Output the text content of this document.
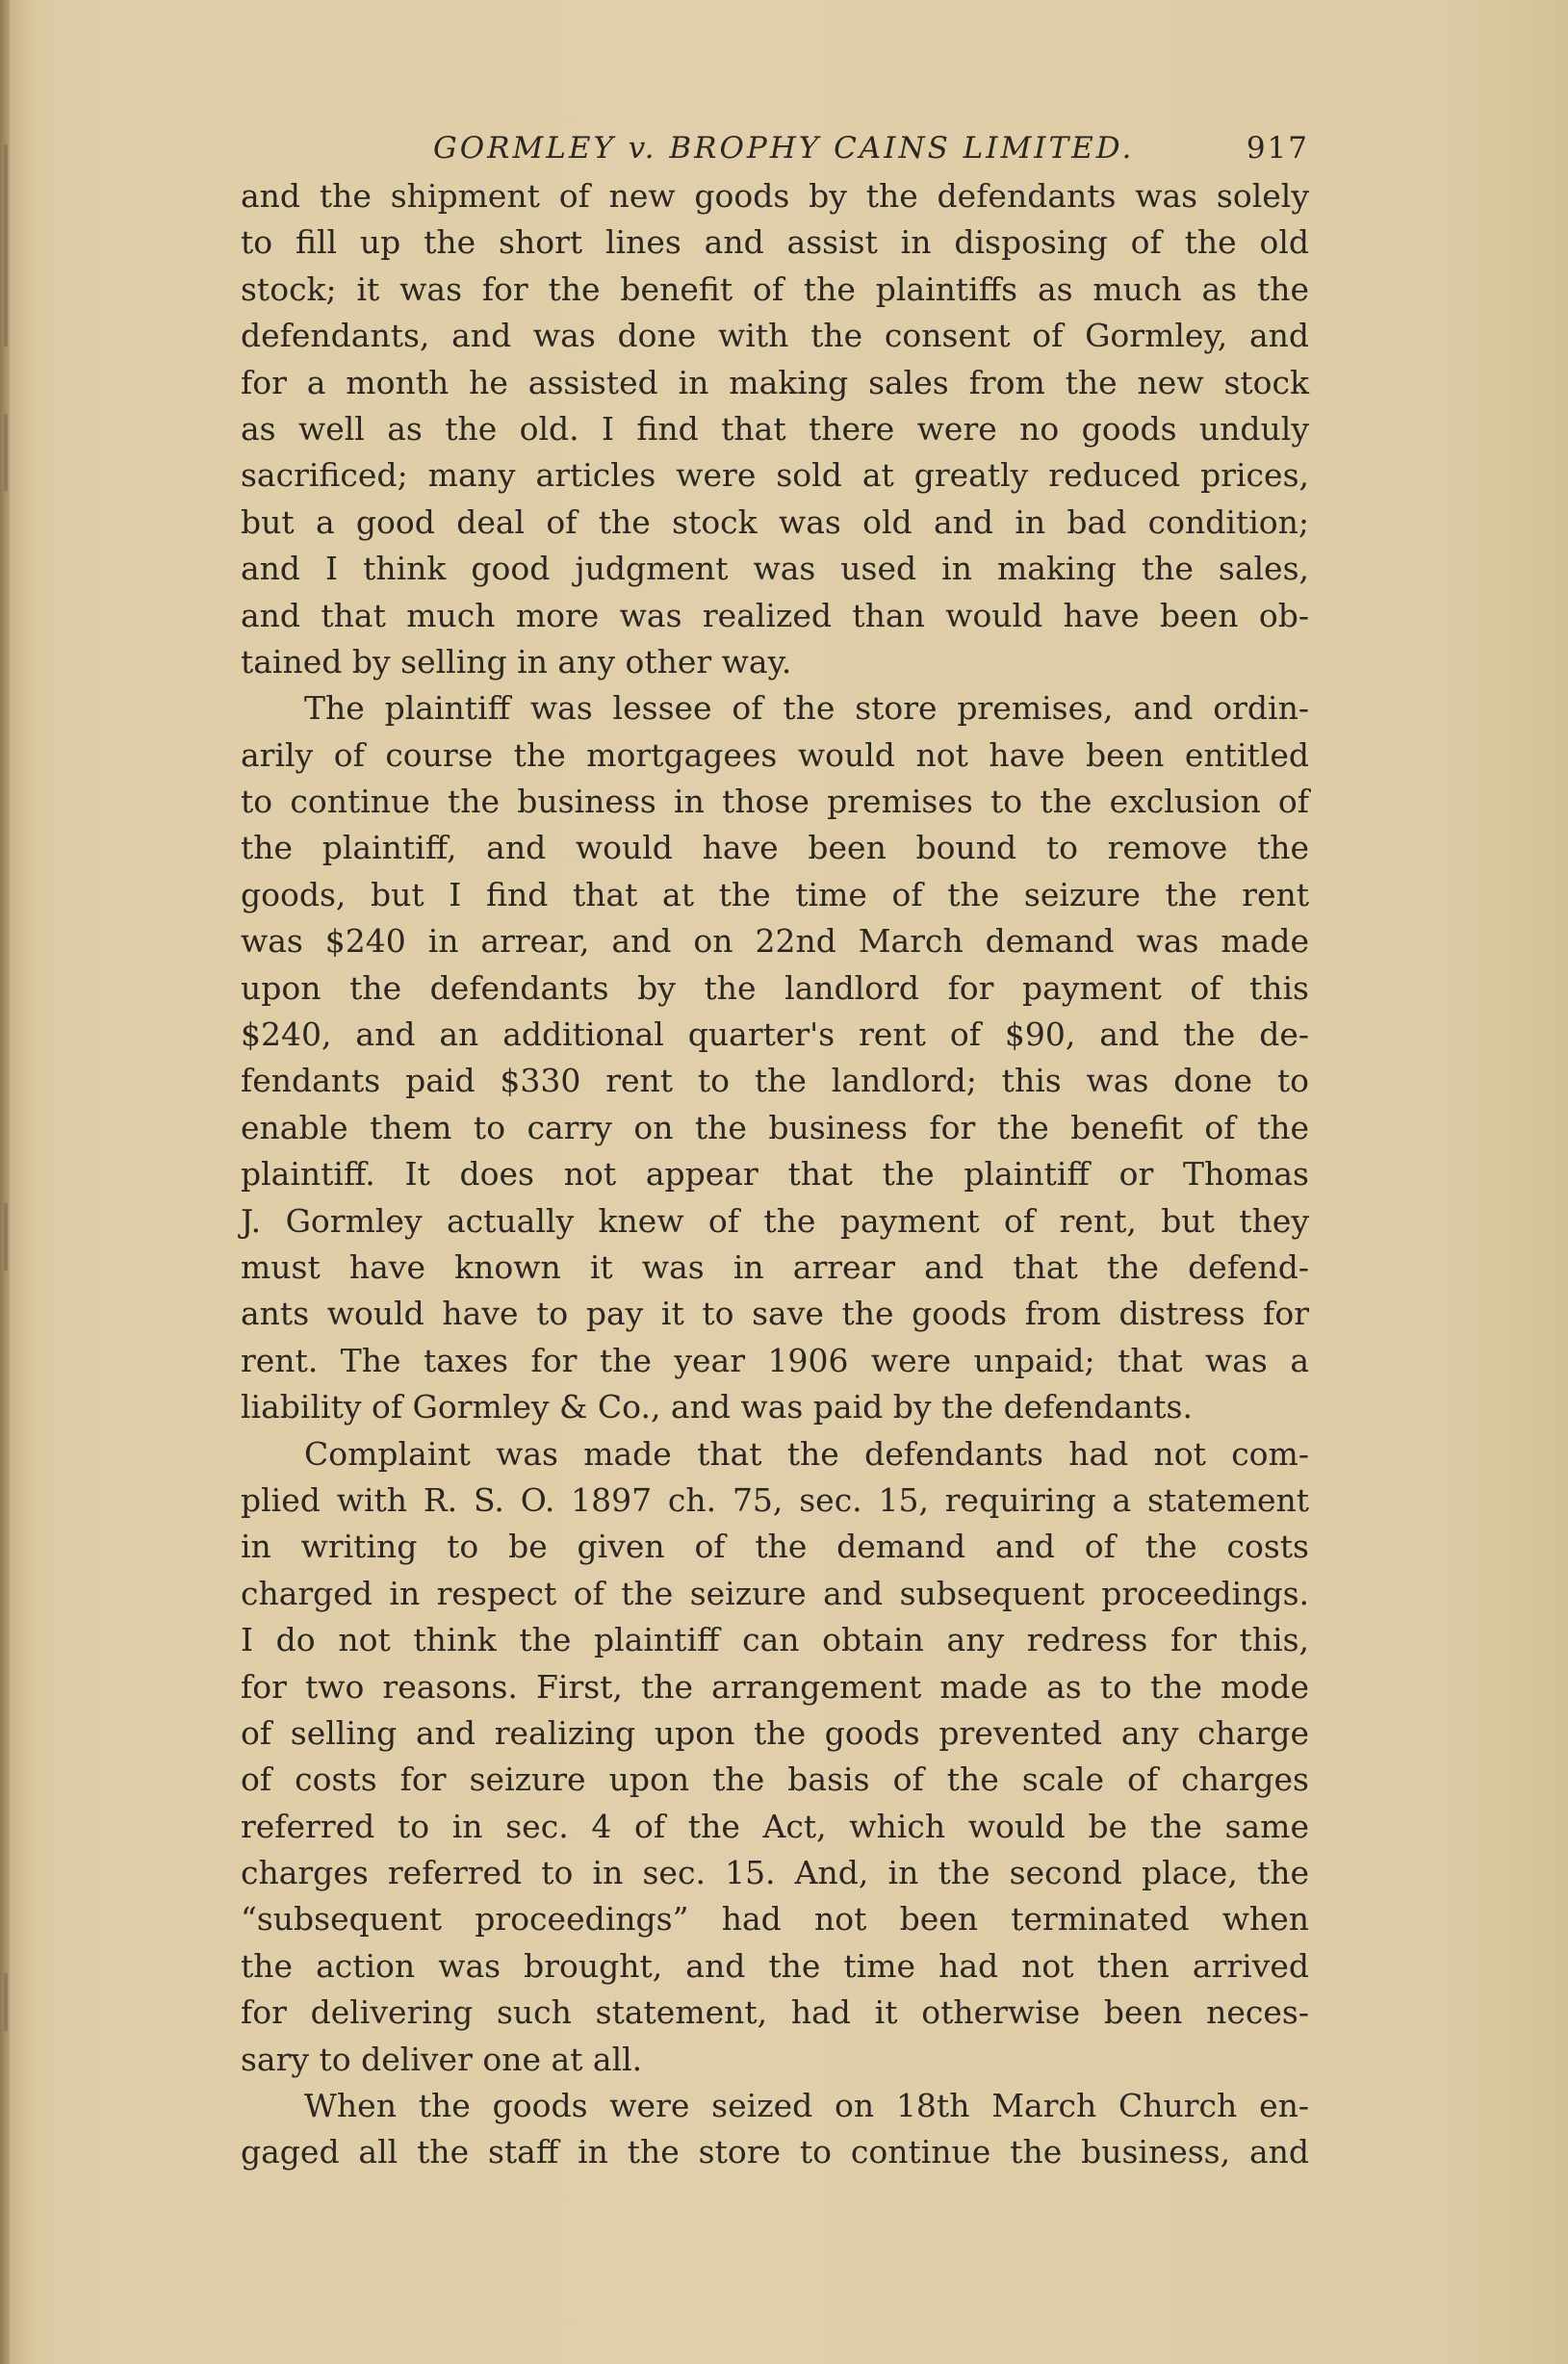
GORMLEY v. BROPHY CAINS LIMITED.	917
and the shipment of new goods by the defendants was solely
to fill up the short lines and assist in disposing of the old
stock; it was for the benefit of the plaintiffs as much as the
defendants, and was done with the consent of Gormley, and
for a month he assisted in making sales from the new stock
as well as the old. I find that there were no goods unduly
sacrificed; many articles were sold at greatly reduced prices,
but a good deal of the stock was old and in bad condition;
and I think good judgment was used in making the sales,
and that much more was realized than would have been ob-
tained by selling in any other way.
The plaintiff was lessee of the store premises, and ordin-
arily of course the mortgagees would not have been entitled
to continue the business in those premises to the exclusion of
the plaintiff, and would have been bound to remove the
goods, but I find that at the time of the seizure the rent
was $240 in arrear, and on 22nd March demand was made
upon the defendants by the landlord for payment of this
$240, and an additional quarter's rent of $90, and the de-
fendants paid $330 rent to the landlord; this was done to
enable them to carry on the business for the benefit of the
plaintiff. It does not appear that the plaintiff or Thomas
J. Gormley actually knew of the payment of rent, but they
must have known it was in arrear and that the defend-
ants would have to pay it to save the goods from distress for
rent. The taxes for the year 1906 were unpaid; that was a
liability of Gormley & Co., and was paid by the defendants.
Complaint was made that the defendants had not com-
plied with R. S. O. 1897 ch. 75, sec. 15, requiring a statement
in writing to be given of the demand and of the costs
charged in respect of the seizure and subsequent proceedings.
I do not think the plaintiff can obtain any redress for this,
for two reasons. First, the arrangement made as to the mode
of selling and realizing upon the goods prevented any charge
of costs for seizure upon the basis of the scale of charges
referred to in sec. 4 of the Act, which would be the same
charges referred to in sec. 15. And, in the second place, the
“subsequent proceedings” had not been terminated when
the action was brought, and the time had not then arrived
for delivering such statement, had it otherwise been neces-
sary to deliver one at all.
When the goods were seized on 18th March Church en-
gaged all the staff in the store to continue the business, and
